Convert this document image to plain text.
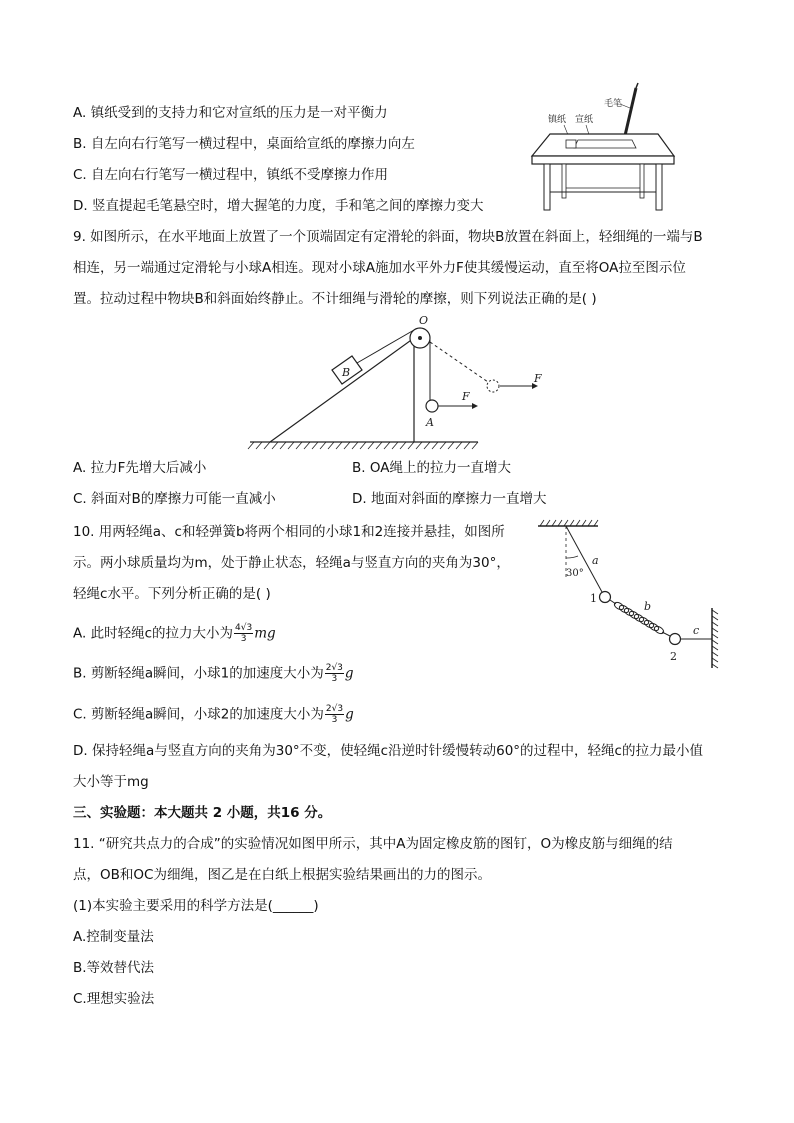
A. 镇纸受到的支持力和它对宣纸的压力是一对平衡力
B. 自左向右行笔写一横过程中，桌面给宣纸的摩擦力向左
C. 自左向右行笔写一横过程中，镇纸不受摩擦力作用
D. 竖直提起毛笔悬空时，增大握笔的力度，手和笔之间的摩擦力变大
毛笔
镇纸 宣纸
9. 如图所示，在水平地面上放置了一个顶端固定有定滑轮的斜面，物块B放置在斜面上，轻细绳的一端与B
相连，另一端通过定滑轮与小球A相连。现对小球A施加水平外力F使其缓慢运动，直至将OA拉至图示位
置。拉动过程中物块B和斜面始终静止。不计细绳与滑轮的摩擦，则下列说法正确的是( )
O
B
A
F
F
A. 拉力F先增大后减小	B. OA绳上的拉力一直增大
C. 斜面对B的摩擦力可能一直减小	D. 地面对斜面的摩擦力一直增大
10. 用两轻绳a、c和轻弹簧b将两个相同的小球1和2连接并悬挂，如图所
示。两小球质量均为m，处于静止状态，轻绳a与竖直方向的夹角为30°，
轻绳c水平。下列分析正确的是( )
30°
a
1
b
2
c
A. 此时轻绳c的拉力大小为 $\frac{4√3}{3}$ mg
B. 剪断轻绳a瞬间，小球1的加速度大小为 $\frac{2√3}{3}$ g
C. 剪断轻绳a瞬间，小球2的加速度大小为 $\frac{2√3}{3}$ g
D. 保持轻绳a与竖直方向的夹角为30°不变，使轻绳c沿逆时针缓慢转动60°的过程中，轻绳c的拉力最小值
大小等于mg
三、实验题：本大题共 2 小题，共16 分。
11. “研究共点力的合成”的实验情况如图甲所示，其中A为固定橡皮筋的图钉，O为橡皮筋与细绳的结
点，OB和OC为细绳，图乙是在白纸上根据实验结果画出的力的图示。
(1)本实验主要采用的科学方法是(______)
A.控制变量法
B.等效替代法
C.理想实验法
